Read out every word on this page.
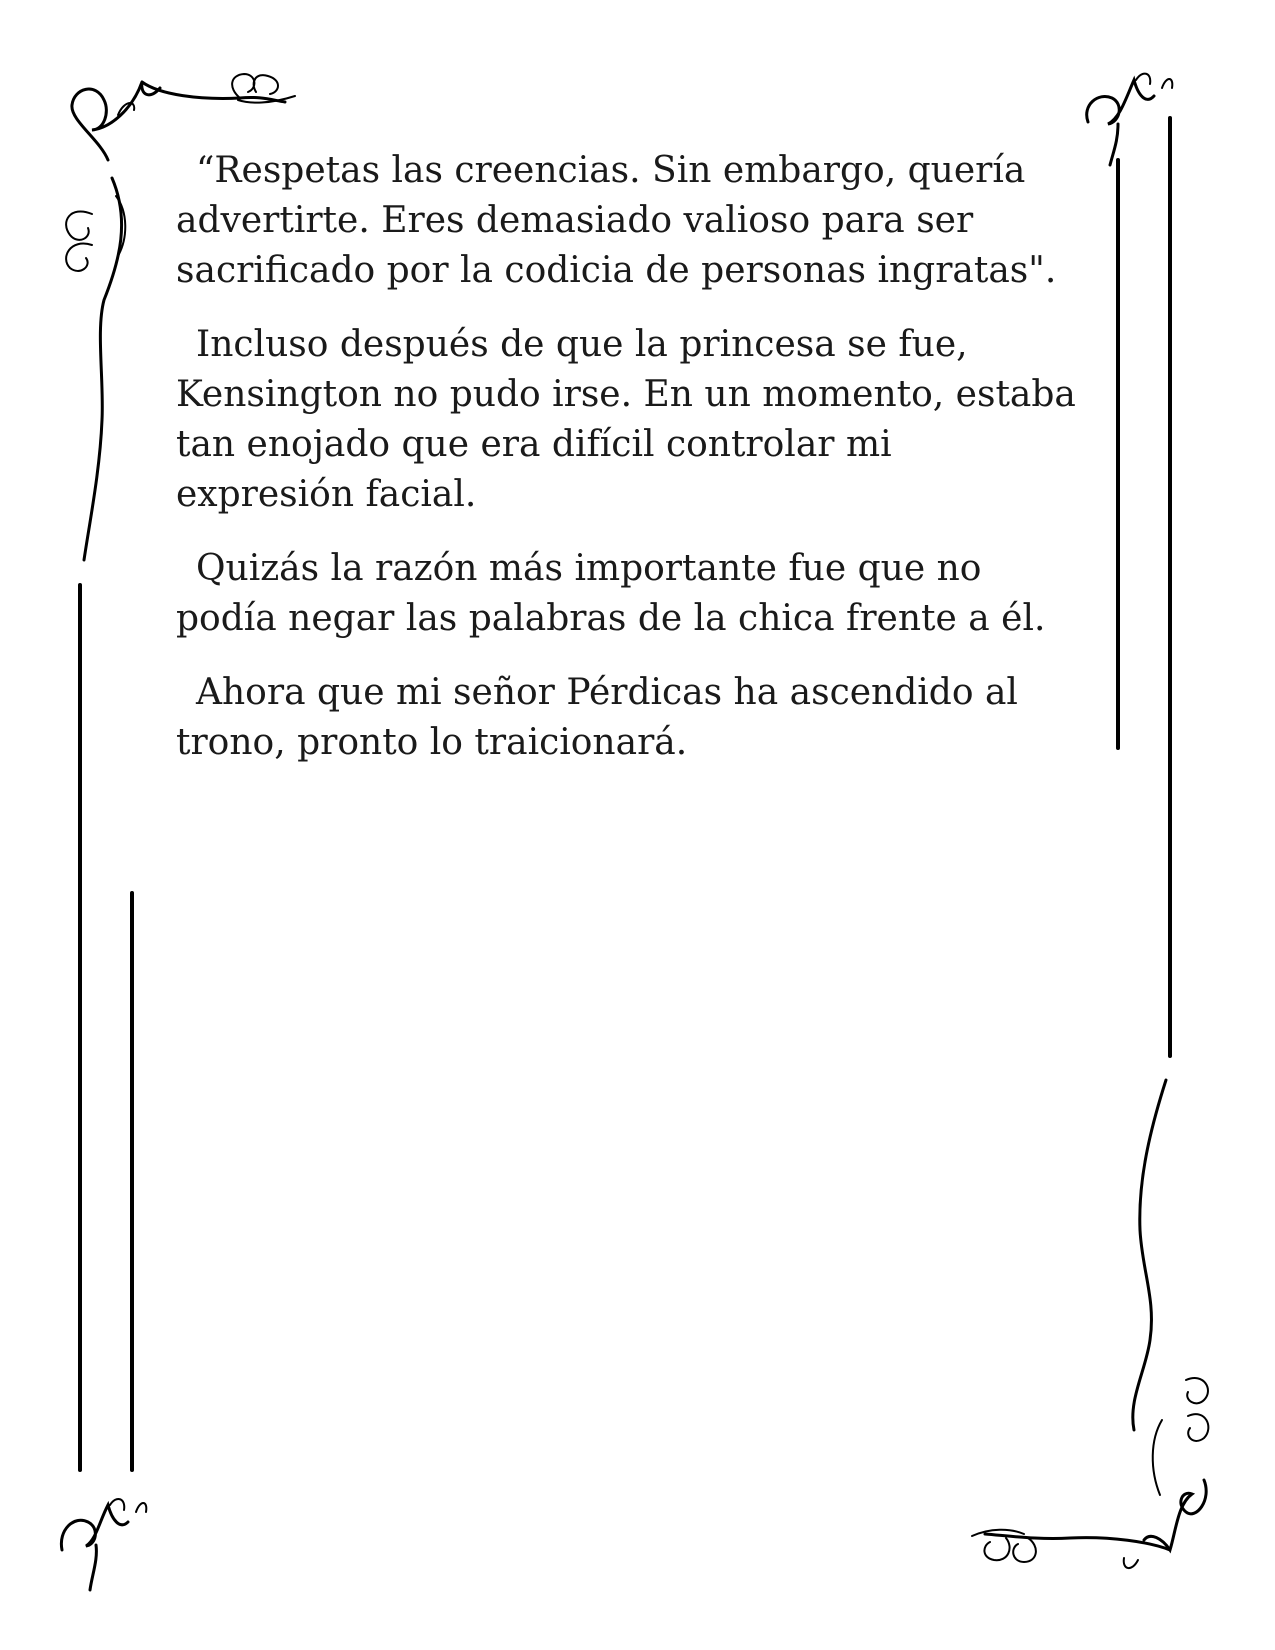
“Respetas las creencias. Sin embargo, quería advertirte. Eres demasiado valioso para ser sacrificado por la codicia de personas ingratas".

Incluso después de que la princesa se fue, Kensington no pudo irse. En un momento, estaba tan enojado que era difícil controlar mi expresión facial.

Quizás la razón más importante fue que no podía negar las palabras de la chica frente a él.

Ahora que mi señor Pérdicas ha ascendido al trono, pronto lo traicionará.
